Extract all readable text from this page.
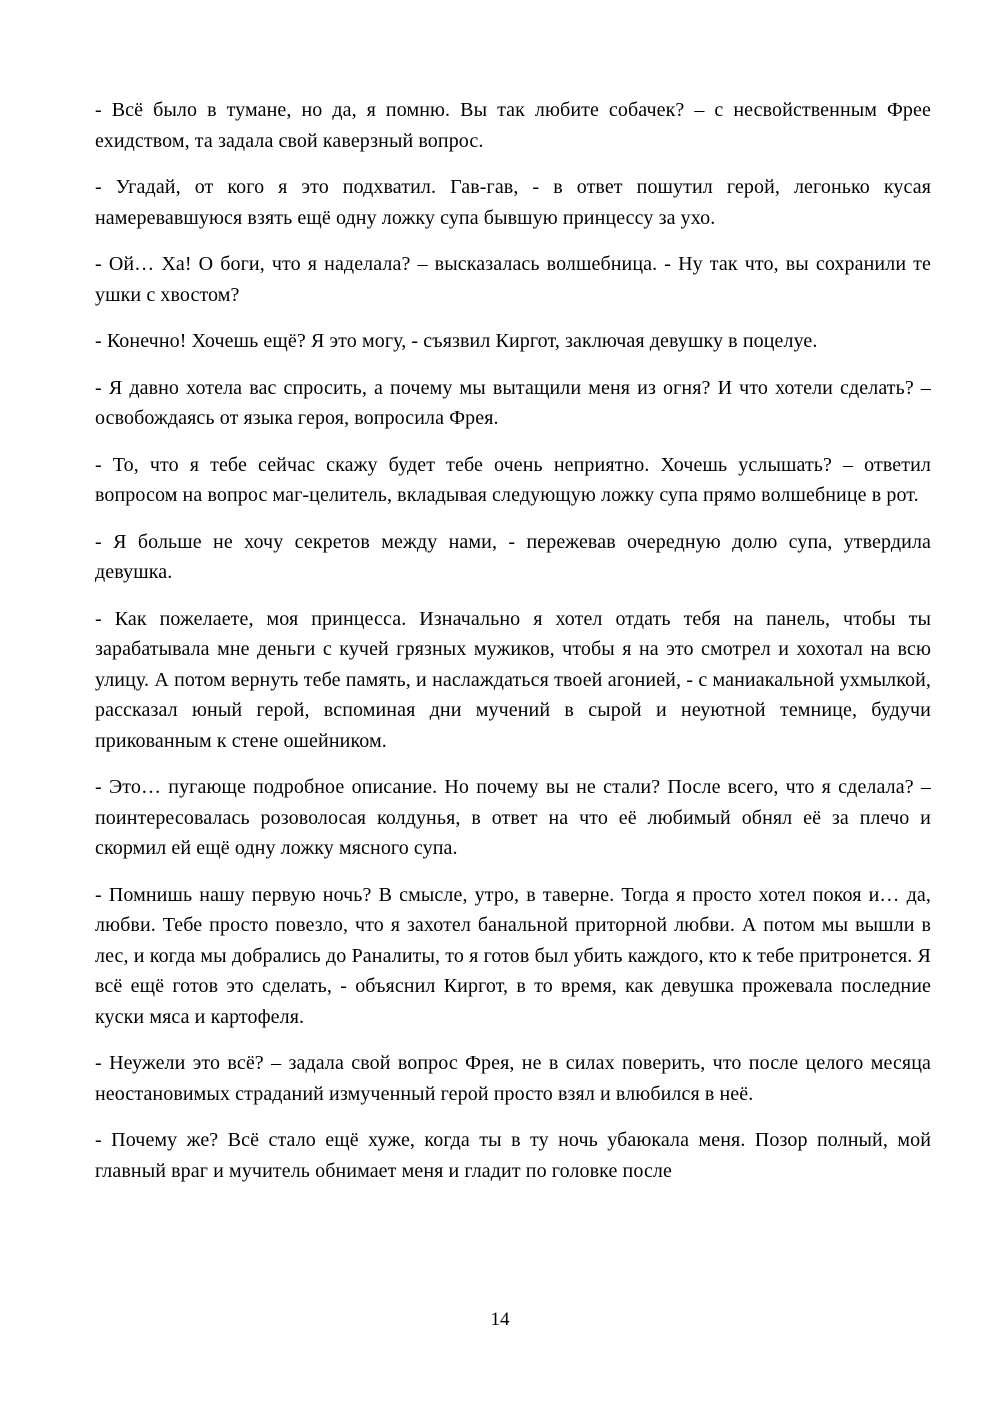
- Всё было в тумане, но да, я помню. Вы так любите собачек? – с несвойственным Фрее ехидством, та задала свой каверзный вопрос.

- Угадай, от кого я это подхватил. Гав-гав, - в ответ пошутил герой, легонько кусая намеревавшуюся взять ещё одну ложку супа бывшую принцессу за ухо.

- Ой… Ха! О боги, что я наделала? – высказалась волшебница. - Ну так что, вы сохранили те ушки с хвостом?

- Конечно! Хочешь ещё? Я это могу, - съязвил Киргот, заключая девушку в поцелуе.

- Я давно хотела вас спросить, а почему мы вытащили меня из огня? И что хотели сделать? – освобождаясь от языка героя, вопросила Фрея.

- То, что я тебе сейчас скажу будет тебе очень неприятно. Хочешь услышать? – ответил вопросом на вопрос маг-целитель, вкладывая следующую ложку супа прямо волшебнице в рот.

- Я больше не хочу секретов между нами, - пережевав очередную долю супа, утвердила девушка.

- Как пожелаете, моя принцесса. Изначально я хотел отдать тебя на панель, чтобы ты зарабатывала мне деньги с кучей грязных мужиков, чтобы я на это смотрел и хохотал на всю улицу. А потом вернуть тебе память, и наслаждаться твоей агонией, - с маниакальной ухмылкой, рассказал юный герой, вспоминая дни мучений в сырой и неуютной темнице, будучи прикованным к стене ошейником.

- Это… пугающе подробное описание. Но почему вы не стали? После всего, что я сделала? – поинтересовалась розоволосая колдунья, в ответ на что её любимый обнял её за плечо и скормил ей ещё одну ложку мясного супа.

- Помнишь нашу первую ночь? В смысле, утро, в таверне. Тогда я просто хотел покоя и… да, любви. Тебе просто повезло, что я захотел банальной приторной любви. А потом мы вышли в лес, и когда мы добрались до Раналиты, то я готов был убить каждого, кто к тебе притронется. Я всё ещё готов это сделать, - объяснил Киргот, в то время, как девушка прожевала последние куски мяса и картофеля.

- Неужели это всё? – задала свой вопрос Фрея, не в силах поверить, что после целого месяца неостановимых страданий измученный герой просто взял и влюбился в неё.

- Почему же? Всё стало ещё хуже, когда ты в ту ночь убаюкала меня. Позор полный, мой главный враг и мучитель обнимает меня и гладит по головке после

14
